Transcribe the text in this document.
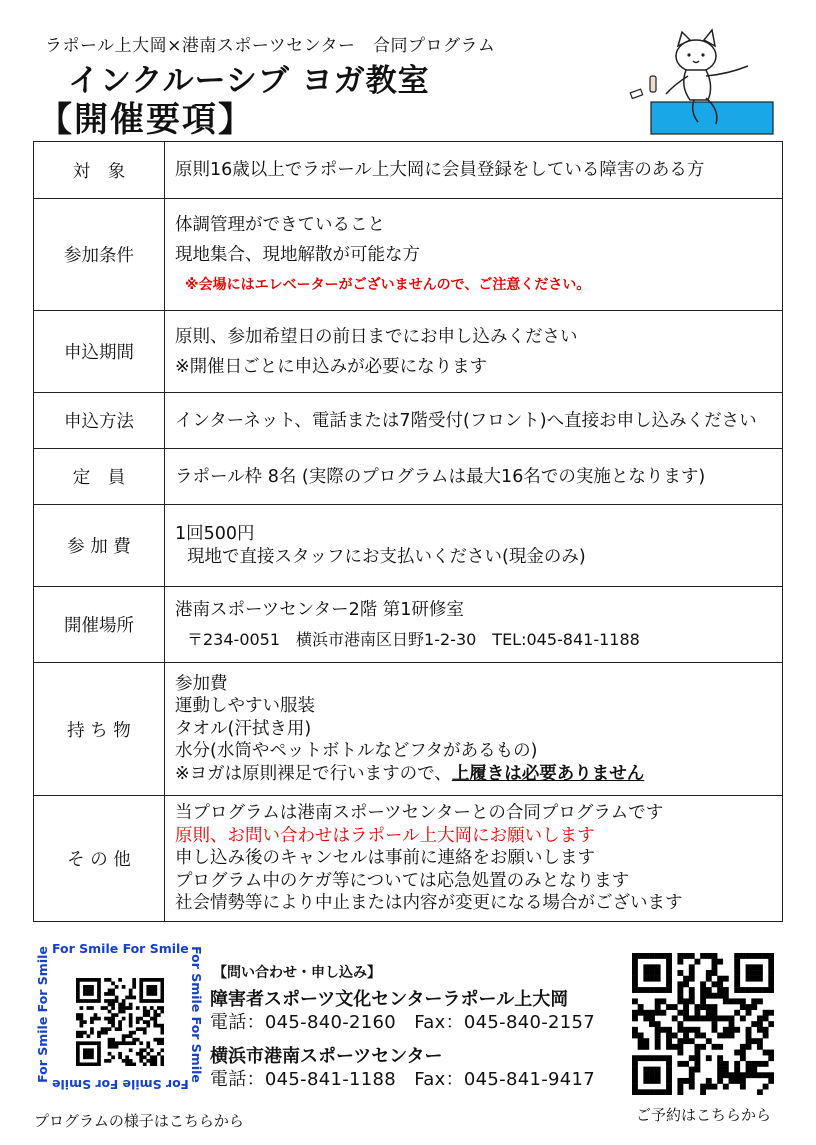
ラポール上大岡×港南スポーツセンター　合同プログラム
インクルーシブ ヨガ教室
【開催要項】
対　象	原則16歳以上でラポール上大岡に会員登録をしている障害のある方
参加条件	体調管理ができていること
現地集合、現地解散が可能な方
※会場にはエレベーターがございませんので、ご注意ください。

申込期間	原則、参加希望日の前日までにお申し込みください
※開催日ごとに申込みが必要になります

申込方法	インターネット、電話または7階受付(フロント)へ直接お申し込みください
定　員	ラポール枠 8名 (実際のプログラムは最大16名での実施となります)
参 加 費	1回500円
現地で直接スタッフにお支払いください(現金のみ)

開催場所	港南スポーツセンター2階 第1研修室
〒234-0051　横浜市港南区日野1-2-30　TEL:045-841-1188

持 ち 物	参加費
運動しやすい服装
タオル(汗拭き用)
水分(水筒やペットボトルなどフタがあるもの)
※ヨガは原則裸足で行いますので、上履きは必要ありません

そ の 他	当プログラムは港南スポーツセンターとの合同プログラムです
原則、お問い合わせはラポール上大岡にお願いします
申し込み後のキャンセルは事前に連絡をお願いします
プログラム中のケガ等については応急処置のみとなります
社会情勢等により中止または内容が変更になる場合がございます
For Smile For Smile
For Smile For Smile
For Smile For Smile	For Smile For Smile
プログラムの様子はこちらから
【問い合わせ・申し込み】
障害者スポーツ文化センターラポール上大岡
電話：045-840-2160　Fax：045-840-2157
横浜市港南スポーツセンター
電話：045-841-1188　Fax：045-841-9417
ご予約はこちらから
